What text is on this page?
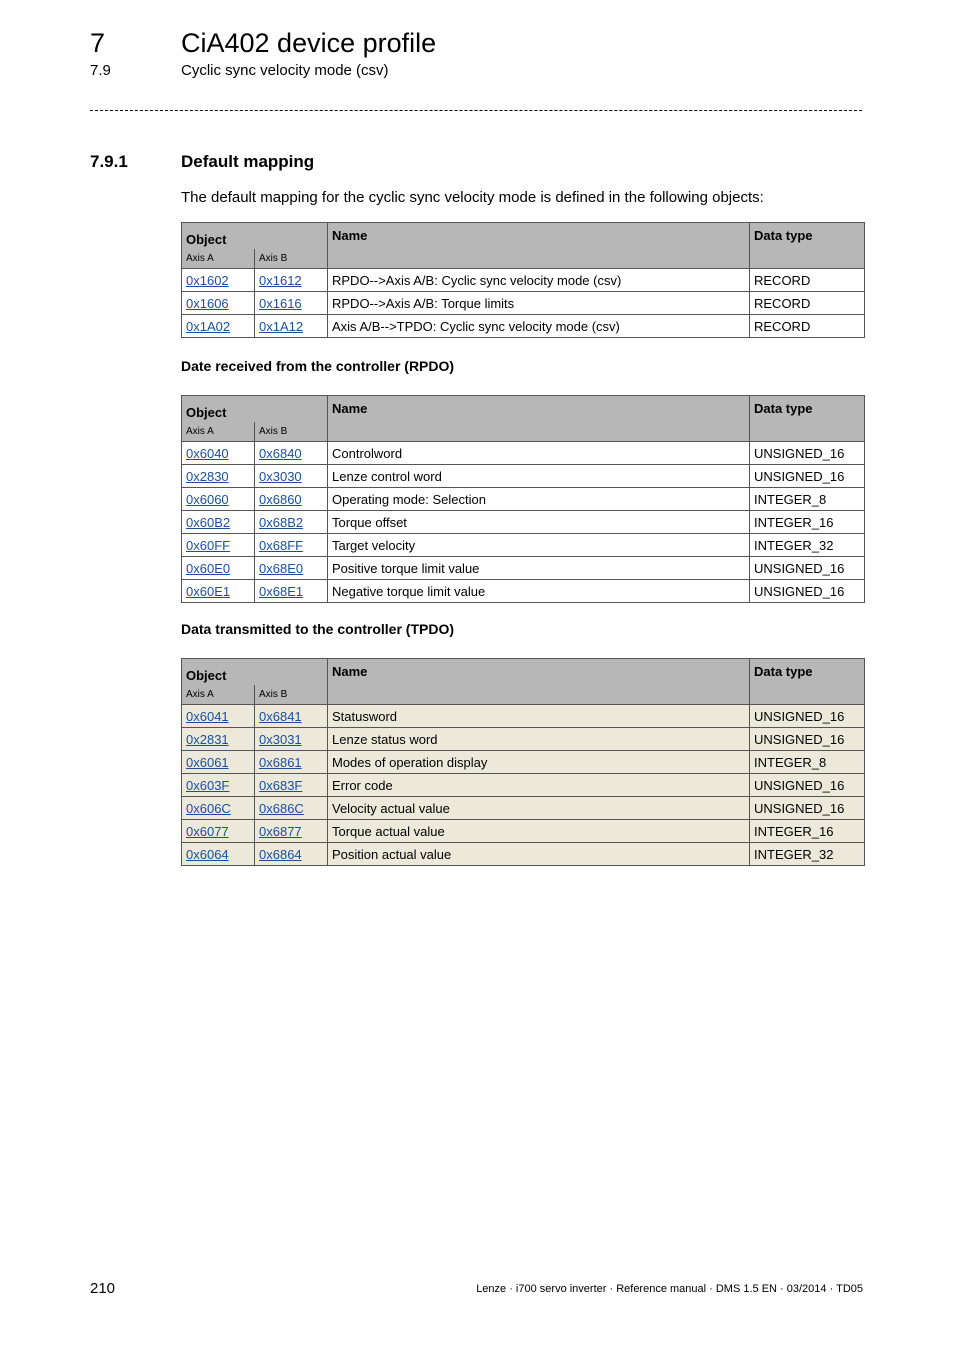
7	CiA402 device profile
7.9	Cyclic sync velocity mode (csv)
7.9.1	Default mapping
The default mapping for the cyclic sync velocity mode is defined in the following objects:
Object		Name	Data type
Axis A	Axis B		
0x1602	0x1612	RPDO-->Axis A/B: Cyclic sync velocity mode (csv)	RECORD
0x1606	0x1616	RPDO-->Axis A/B: Torque limits	RECORD
0x1A02	0x1A12	Axis A/B-->TPDO: Cyclic sync velocity mode (csv)	RECORD
Date received from the controller (RPDO)
Object		Name	Data type
Axis A	Axis B		
0x6040	0x6840	Controlword	UNSIGNED_16
0x2830	0x3030	Lenze control word	UNSIGNED_16
0x6060	0x6860	Operating mode: Selection	INTEGER_8
0x60B2	0x68B2	Torque offset	INTEGER_16
0x60FF	0x68FF	Target velocity	INTEGER_32
0x60E0	0x68E0	Positive torque limit value	UNSIGNED_16
0x60E1	0x68E1	Negative torque limit value	UNSIGNED_16
Data transmitted to the controller (TPDO)
Object		Name	Data type
Axis A	Axis B		
0x6041	0x6841	Statusword	UNSIGNED_16
0x2831	0x3031	Lenze status word	UNSIGNED_16
0x6061	0x6861	Modes of operation display	INTEGER_8
0x603F	0x683F	Error code	UNSIGNED_16
0x606C	0x686C	Velocity actual value	UNSIGNED_16
0x6077	0x6877	Torque actual value	INTEGER_16
0x6064	0x6864	Position actual value	INTEGER_32
210	Lenze · i700 servo inverter · Reference manual · DMS 1.5 EN · 03/2014 · TD05
